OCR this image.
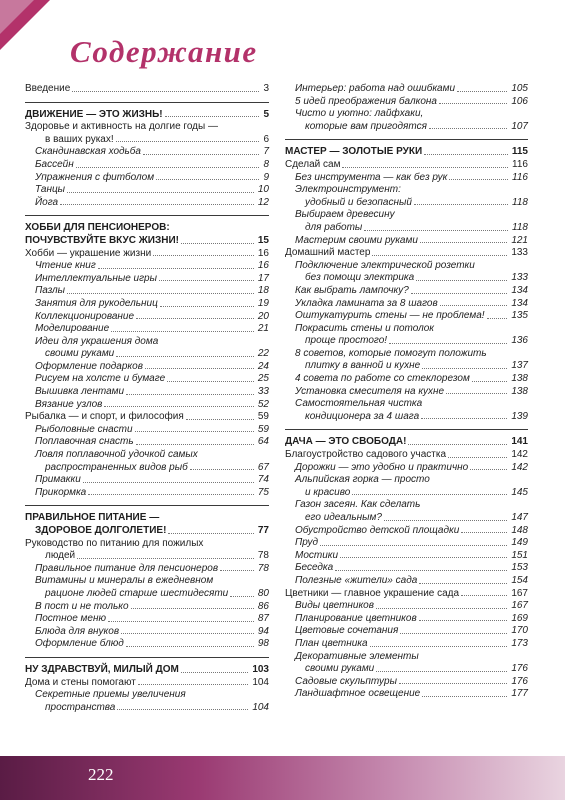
Содержание
Введение	3
ДВИЖЕНИЕ — ЭТО ЖИЗНЬ!	5
Здоровье и активность на долгие годы —
в ваших руках!	6
Скандинавская ходьба	7
Бассейн	8
Упражнения с фитболом	9
Танцы	10
Йога	12
ХОББИ ДЛЯ ПЕНСИОНЕРОВ:
ПОЧУВСТВУЙТЕ ВКУС ЖИЗНИ!	15
Хобби — украшение жизни	16
Чтение книг	16
Интеллектуальные игры	17
Пазлы	18
Занятия для рукодельниц	19
Коллекционирование	20
Моделирование	21
Идеи для украшения дома
своими руками	22
Оформление подарков	24
Рисуем на холсте и бумаге	25
Вышивка лентами	33
Вязание узлов	52
Рыбалка — и спорт, и философия	59
Рыболовные снасти	59
Поплавочная снасть	64
Ловля поплавочной удочкой самых
распространенных видов рыб	67
Примакки	74
Прикормка	75
ПРАВИЛЬНОЕ ПИТАНИЕ —
ЗДОРОВОЕ ДОЛГОЛЕТИЕ!	77
Руководство по питанию для пожилых
людей	78
Правильное питание для пенсионеров	78
Витамины и минералы в ежедневном
рационе людей старше шестидесяти	80
В пост и не только	86
Постное меню	87
Блюда для внуков	94
Оформление блюд	98
НУ ЗДРАВСТВУЙ, МИЛЫЙ ДОМ	103
Дома и стены помогают	104
Секретные приемы увеличения
пространства	104
Интерьер: работа над ошибками	105
5 идей преображения балкона	106
Чисто и уютно: лайфхаки,
которые вам пригодятся	107
МАСТЕР — ЗОЛОТЫЕ РУКИ	115
Сделай сам	116
Без инструмента — как без рук	116
Электроинструмент:
удобный и безопасный	118
Выбираем древесину
для работы	118
Мастерим своими руками	121
Домашний мастер	133
Подключение электрической розетки
без помощи электрика	133
Как выбрать лампочку?	134
Укладка ламината за 8 шагов	134
Оштукатурить стены — не проблема!	135
Покрасить стены и потолок
проще простого!	136
8 советов, которые помогут положить
плитку в ванной и кухне	137
4 совета по работе со стеклорезом	138
Установка смесителя на кухне	138
Самостоятельная чистка
кондиционера за 4 шага	139
ДАЧА — ЭТО СВОБОДА!	141
Благоустройство садового участка	142
Дорожки — это удобно и практично	142
Альпийская горка — просто
и красиво	145
Газон засеян. Как сделать
его идеальным?	147
Обустройство детской площадки	148
Пруд	149
Мостики	151
Беседка	153
Полезные «жители» сада	154
Цветники — главное украшение сада	167
Виды цветников	167
Планирование цветников	169
Цветовые сочетания	170
План цветника	173
Декоративные элементы
своими руками	176
Садовые скульптуры	176
Ландшафтное освещение	177
222
